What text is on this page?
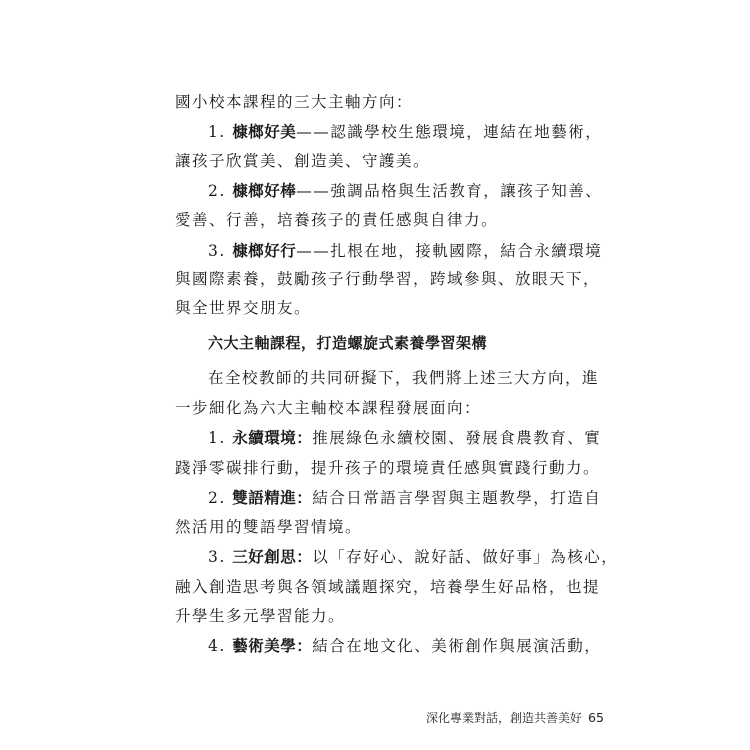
國小校本課程的三大主軸方向：
1. 槺榔好美——認識學校生態環境，連結在地藝術，
讓孩子欣賞美、創造美、守護美。
2. 槺榔好棒——強調品格與生活教育，讓孩子知善、
愛善、行善，培養孩子的責任感與自律力。
3. 槺榔好行——扎根在地，接軌國際，結合永續環境
與國際素養，鼓勵孩子行動學習，跨域參與、放眼天下，
與全世界交朋友。
六大主軸課程，打造螺旋式素養學習架構
在全校教師的共同研擬下，我們將上述三大方向，進
一步細化為六大主軸校本課程發展面向：
1. 永續環境：推展綠色永續校園、發展食農教育、實
踐淨零碳排行動，提升孩子的環境責任感與實踐行動力。
2. 雙語精進：結合日常語言學習與主題教學，打造自
然活用的雙語學習情境。
3. 三好創思：以「存好心、說好話、做好事」為核心，
融入創造思考與各領域議題探究，培養學生好品格，也提
升學生多元學習能力。
4. 藝術美學：結合在地文化、美術創作與展演活動，
深化專業對話，創造共善美好 65
